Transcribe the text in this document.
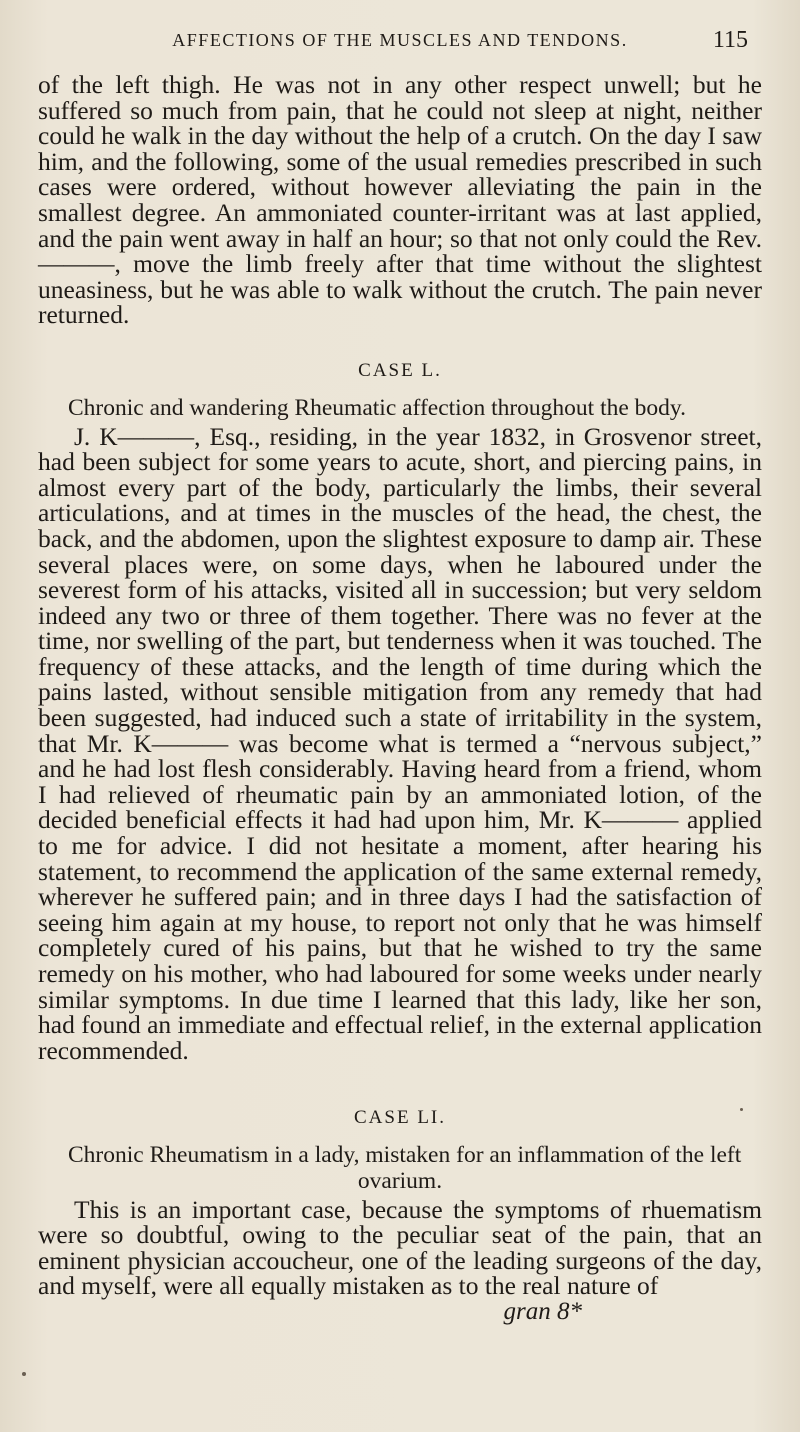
AFFECTIONS OF THE MUSCLES AND TENDONS.	115

of the left thigh. He was not in any other respect unwell; but he suffered so much from pain, that he could not sleep at night, neither could he walk in the day without the help of a crutch. On the day I saw him, and the following, some of the usual remedies prescribed in such cases were ordered, without however alleviating the pain in the smallest degree. An ammoniated counter-irritant was at last applied, and the pain went away in half an hour; so that not only could the Rev. ———, move the limb freely after that time without the slightest uneasiness, but he was able to walk without the crutch. The pain never returned.

CASE L.
Chronic and wandering Rheumatic affection throughout the body.

J. K———, Esq., residing, in the year 1832, in Grosvenor street, had been subject for some years to acute, short, and piercing pains, in almost every part of the body, particularly the limbs, their several articulations, and at times in the muscles of the head, the chest, the back, and the abdomen, upon the slightest exposure to damp air. These several places were, on some days, when he laboured under the severest form of his attacks, visited all in succession; but very seldom indeed any two or three of them together. There was no fever at the time, nor swelling of the part, but tenderness when it was touched. The frequency of these attacks, and the length of time during which the pains lasted, without sensible mitigation from any remedy that had been suggested, had induced such a state of irritability in the system, that Mr. K——— was become what is termed a “nervous subject,” and he had lost flesh considerably. Having heard from a friend, whom I had relieved of rheumatic pain by an ammoniated lotion, of the decided beneficial effects it had had upon him, Mr. K——— applied to me for advice. I did not hesitate a moment, after hearing his statement, to recommend the application of the same external remedy, wherever he suffered pain; and in three days I had the satisfaction of seeing him again at my house, to report not only that he was himself completely cured of his pains, but that he wished to try the same remedy on his mother, who had laboured for some weeks under nearly similar symptoms. In due time I learned that this lady, like her son, had found an immediate and effectual relief, in the external application recommended.

CASE LI.
Chronic Rheumatism in a lady, mistaken for an inflammation of the left
ovarium.

This is an important case, because the symptoms of rhuematism were so doubtful, owing to the peculiar seat of the pain, that an eminent physician accoucheur, one of the leading surgeons of the day, and myself, were all equally mistaken as to the real nature of

gran 8*
